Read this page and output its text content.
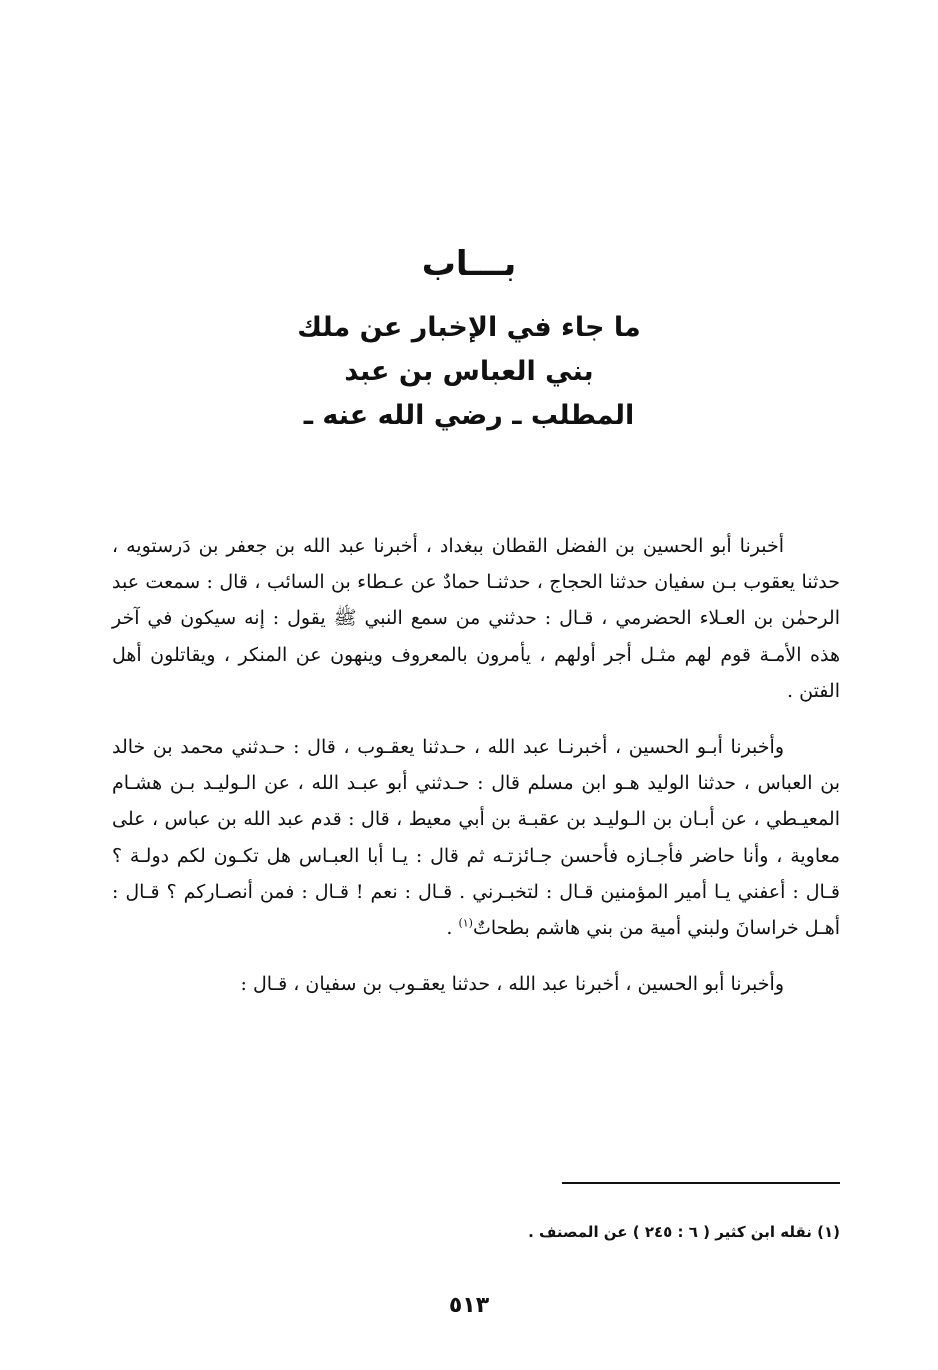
بـــاب
ما جاء في الإخبار عن ملك
بني العباس بن عبد
المطلب ـ رضي الله عنه ـ

أخبرنا أبو الحسين بن الفضل القطان ببغداد ، أخبرنا عبد الله بن جعفر بن دَرستويه ، حدثنا يعقوب بـن سفيان حدثنا الحجاج ، حدثنـا حمادٌ عن عـطاء بن السائب ، قال : سمعت عبد الرحمٰن بن العـلاء الحضرمي ، قـال : حدثني من سمع النبي ﷺ يقول : إنه سيكون في آخر هذه الأمـة قوم لهم مثـل أجر أولهم ، يأمرون بالمعروف وينهون عن المنكر ، ويقاتلون أهل الفتن .

وأخبرنا أبـو الحسين ، أخبرنـا عبد الله ، حـدثنا يعقـوب ، قال : حـدثني محمد بن خالد بن العباس ، حدثنا الوليد هـو ابن مسلم قال : حـدثني أبو عبـد الله ، عن الـوليـد بـن هشـام المعيـطي ، عن أبـان بن الـوليـد بن عقبـة بن أبي معيط ، قال : قدم عبد الله بن عباس ، على معاوية ، وأنا حاضر فأجـازه فأحسن جـائزتـه ثم قال : يـا أبا العبـاس هل تكـون لكم دولـة ؟ قـال : أعفني يـا أمير المؤمنين قـال : لتخبـرني . قـال : نعم ! قـال : فمن أنصـاركم ؟ قـال : أهـل خراسانَ ولبني أمية من بني هاشم بطحاتٌ$^{(١)}$ .

وأخبرنا أبو الحسين ، أخبرنا عبد الله ، حدثنا يعقـوب بن سفيان ، قـال :

(١) نقله ابن كثير ( ٦ : ٢٤٥ ) عن المصنف .
٥١٣
